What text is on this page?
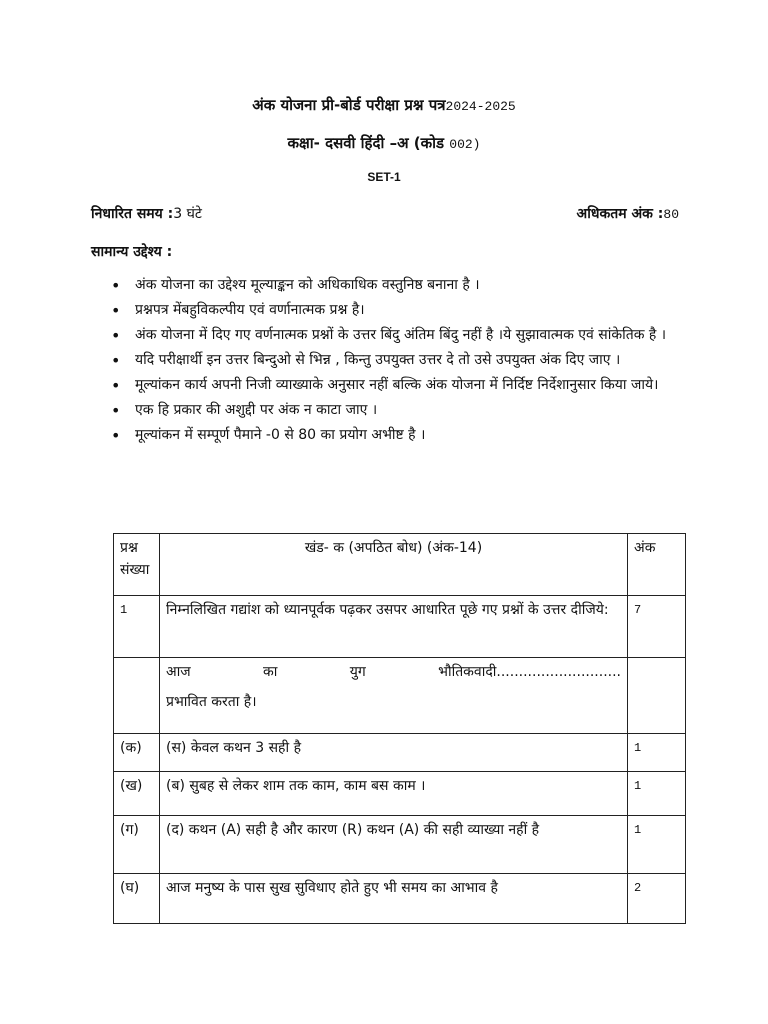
अंक योजना प्री-बोर्ड परीक्षा प्रश्न पत्र2024-2025
कक्षा- दसवी हिंदी –अ (कोड 002)
SET-1
निधारित समय :3 घंटे	अधिकतम अंक :80
सामान्य उद्देश्य :
• अंक योजना का उद्देश्य मूल्याङ्कन को अधिकाधिक वस्तुनिष्ठ बनाना है ।
• प्रश्नपत्र मेंबहुविकल्पीय एवं वर्णानात्मक प्रश्न है।
• अंक योजना में दिए गए वर्णनात्मक प्रश्नों के उत्तर बिंदु अंतिम बिंदु नहीं है ।ये सुझावात्मक एवं सांकेतिक है ।
• यदि परीक्षार्थी इन उत्तर बिन्दुओ से भिन्न , किन्तु उपयुक्त उत्तर दे तो उसे उपयुक्त अंक दिए जाए ।
• मूल्यांकन कार्य अपनी निजी व्याख्याके अनुसार नहीं बल्कि अंक योजना में निर्दिष्ट निर्देशानुसार किया जाये।
• एक हि प्रकार की अशुद्दी पर अंक न काटा जाए ।
• मूल्यांकन में सम्पूर्ण पैमाने -0 से 80 का प्रयोग अभीष्ट है ।
प्रश्न संख्या	खंड- क (अपठित बोध) (अंक-14)	अंक
1	निम्नलिखित गद्यांश को ध्यानपूर्वक पढ़कर उसपर आधारित पूछे गए प्रश्नों के उत्तर दीजिये:	7

	आज का युग भौतिकवादी............................
प्रभावित करता है।	

(क)	(स) केवल कथन 3 सही है	1
(ख)	(ब) सुबह से लेकर शाम तक काम, काम बस काम ।	1
(ग)	(द) कथन (A) सही है और कारण (R) कथन (A) की सही व्याख्या नहीं है	1
(घ)	आज मनुष्य के पास सुख सुविधाए होते हुए भी समय का आभाव है	2
